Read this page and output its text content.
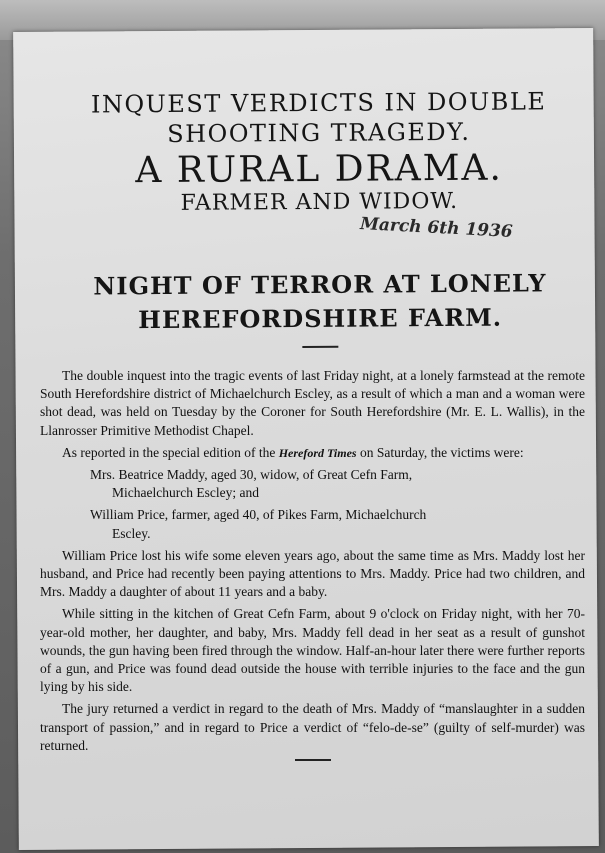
INQUEST VERDICTS IN DOUBLE
SHOOTING TRAGEDY.
A RURAL DRAMA.
FARMER AND WIDOW.
NIGHT OF TERROR AT LONELY
HEREFORDSHIRE FARM.
March 6th 1936

The double inquest into the tragic events of last Friday night, at a lonely farmstead at the remote South Herefordshire district of Michaelchurch Escley, as a result of which a man and a woman were shot dead, was held on Tuesday by the Coroner for South Herefordshire (Mr. E. L. Wallis), in the Llanrosser Primitive Methodist Chapel.

As reported in the special edition of the Hereford Times on Saturday, the victims were:

Mrs. Beatrice Maddy, aged 30, widow, of Great Cefn Farm,
Michaelchurch Escley; and

William Price, farmer, aged 40, of Pikes Farm, Michaelchurch
Escley.

William Price lost his wife some eleven years ago, about the same time as Mrs. Maddy lost her husband, and Price had recently been paying attentions to Mrs. Maddy. Price had two children, and Mrs. Maddy a daughter of about 11 years and a baby.

While sitting in the kitchen of Great Cefn Farm, about 9 o'clock on Friday night, with her 70-year-old mother, her daughter, and baby, Mrs. Maddy fell dead in her seat as a result of gunshot wounds, the gun having been fired through the window. Half-an-hour later there were further reports of a gun, and Price was found dead outside the house with terrible injuries to the face and the gun lying by his side.

The jury returned a verdict in regard to the death of Mrs. Maddy of “manslaughter in a sudden transport of passion,” and in regard to Price a verdict of “felo-de-se” (guilty of self-murder) was returned.
